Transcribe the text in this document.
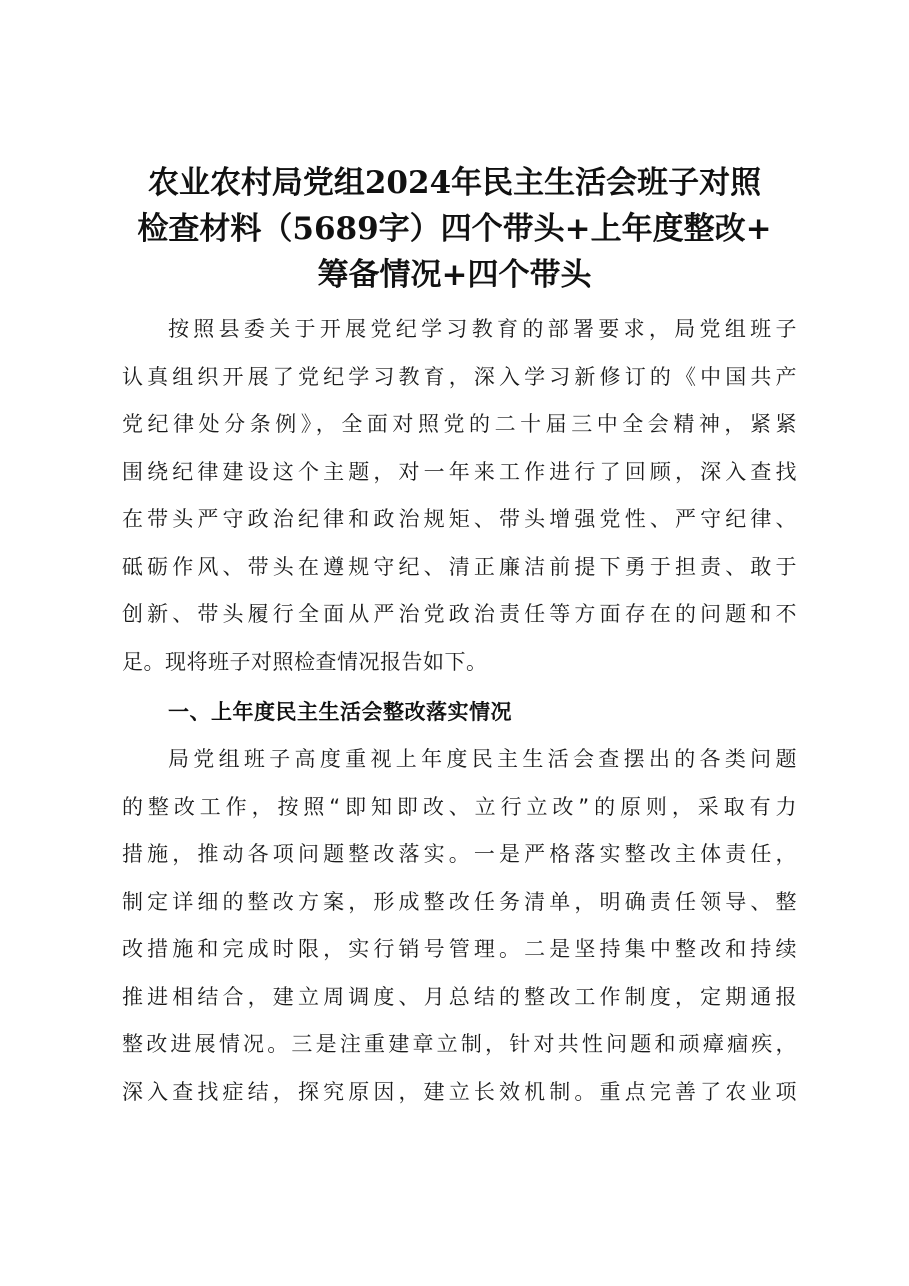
农业农村局党组2024年民主生活会班子对照
检查材料（5689字）四个带头+上年度整改+
筹备情况+四个带头
按照县委关于开展党纪学习教育的部署要求，局党组班子
认真组织开展了党纪学习教育，深入学习新修订的《中国共产
党纪律处分条例》，全面对照党的二十届三中全会精神，紧紧
围绕纪律建设这个主题，对一年来工作进行了回顾，深入查找
在带头严守政治纪律和政治规矩、带头增强党性、严守纪律、
砥砺作风、带头在遵规守纪、清正廉洁前提下勇于担责、敢于
创新、带头履行全面从严治党政治责任等方面存在的问题和不
足。现将班子对照检查情况报告如下。
一、上年度民主生活会整改落实情况
局党组班子高度重视上年度民主生活会查摆出的各类问题
的整改工作，按照“即知即改、立行立改”的原则，采取有力
措施，推动各项问题整改落实。一是严格落实整改主体责任，
制定详细的整改方案，形成整改任务清单，明确责任领导、整
改措施和完成时限，实行销号管理。二是坚持集中整改和持续
推进相结合，建立周调度、月总结的整改工作制度，定期通报
整改进展情况。三是注重建章立制，针对共性问题和顽瘴痼疾，
深入查找症结，探究原因，建立长效机制。重点完善了农业项
